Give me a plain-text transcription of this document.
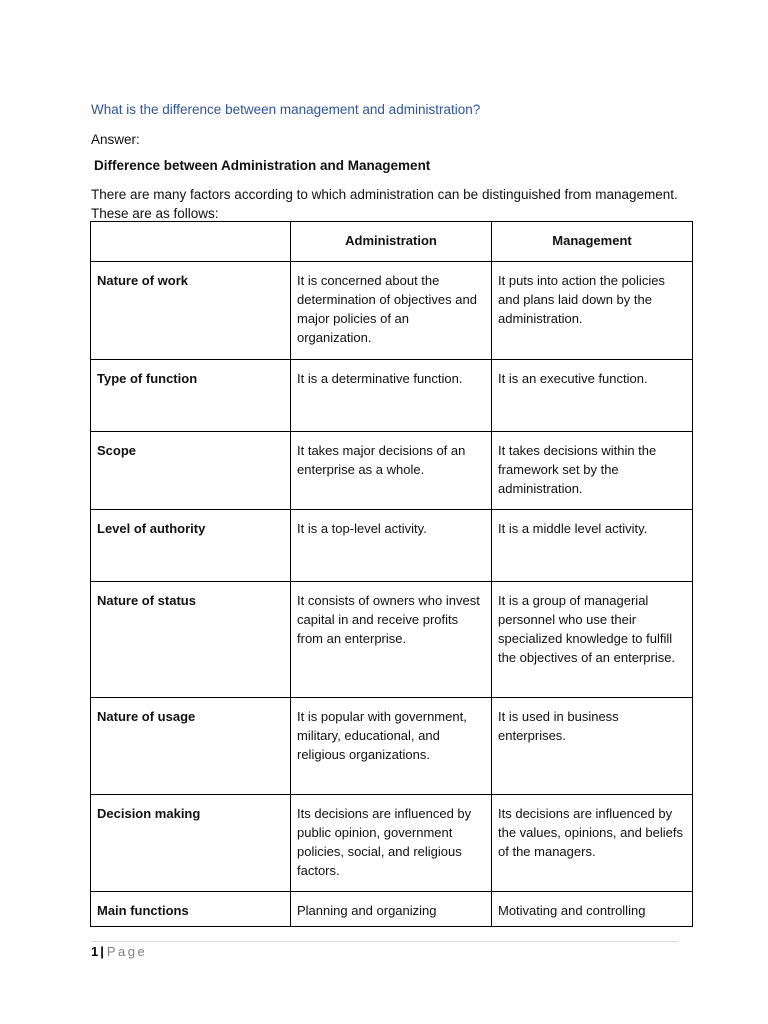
What is the difference between management and administration?
Answer:
Difference between Administration and Management
There are many factors according to which administration can be distinguished from management. These are as follows:
	Administration	Management
Nature of work	It is concerned about the determination of objectives and major policies of an organization.	It puts into action the policies and plans laid down by the administration.
Type of function	It is a determinative function.	It is an executive function.
Scope	It takes major decisions of an enterprise as a whole.	It takes decisions within the framework set by the administration.
Level of authority	It is a top-level activity.	It is a middle level activity.
Nature of status	It consists of owners who invest capital in and receive profits from an enterprise.	It is a group of managerial personnel who use their specialized knowledge to fulfill the objectives of an enterprise.
Nature of usage	It is popular with government, military, educational, and religious organizations.	It is used in business enterprises.
Decision making	Its decisions are influenced by public opinion, government policies, social, and religious factors.	Its decisions are influenced by the values, opinions, and beliefs of the managers.
Main functions	Planning and organizing	Motivating and controlling
1 | Page
